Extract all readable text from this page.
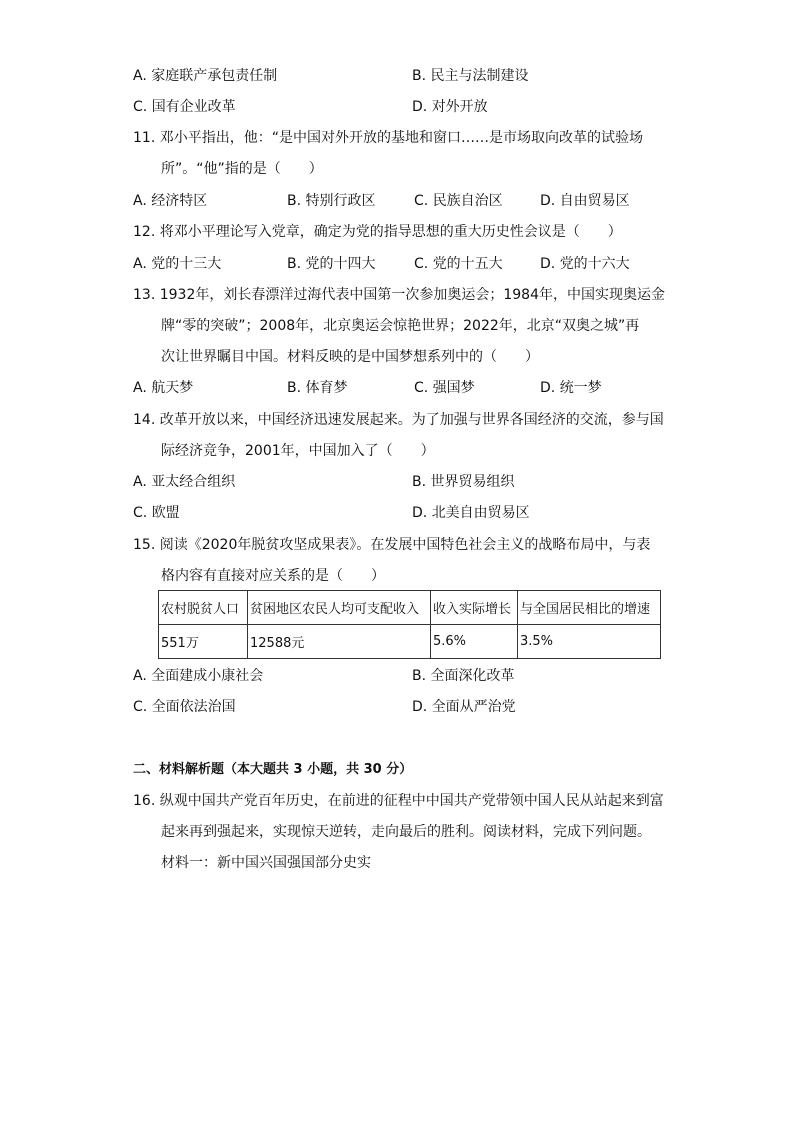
A. 家庭联产承包责任制	B. 民主与法制建设
C. 国有企业改革	D. 对外开放
11. 邓小平指出，他：“是中国对外开放的基地和窗口……是市场取向改革的试验场
所”。“他”指的是（　　）
A. 经济特区	B. 特别行政区	C. 民族自治区	D. 自由贸易区
12. 将邓小平理论写入党章，确定为党的指导思想的重大历史性会议是（　　）
A. 党的十三大	B. 党的十四大	C. 党的十五大	D. 党的十六大
13. 1932年，刘长春漂洋过海代表中国第一次参加奥运会；1984年，中国实现奥运金
牌“零的突破”；2008年，北京奥运会惊艳世界；2022年，北京“双奥之城”再
次让世界瞩目中国。材料反映的是中国梦想系列中的（　　）
A. 航天梦	B. 体育梦	C. 强国梦	D. 统一梦
14. 改革开放以来，中国经济迅速发展起来。为了加强与世界各国经济的交流，参与国
际经济竞争，2001年，中国加入了（　　）
A. 亚太经合组织	B. 世界贸易组织
C. 欧盟	D. 北美自由贸易区
15. 阅读《2020年脱贫攻坚成果表》。在发展中国特色社会主义的战略布局中，与表
格内容有直接对应关系的是（　　）
农村脱贫人口	贫困地区农民人均可支配收入	收入实际增长	与全国居民相比的增速
551万	12588元	5.6%	3.5%
A. 全面建成小康社会	B. 全面深化改革
C. 全面依法治国	D. 全面从严治党
二、材料解析题（本大题共 3 小题，共 30 分）
16. 纵观中国共产党百年历史，在前进的征程中中国共产党带领中国人民从站起来到富
起来再到强起来，实现惊天逆转，走向最后的胜利。阅读材料，完成下列问题。
材料一：新中国兴国强国部分史实
